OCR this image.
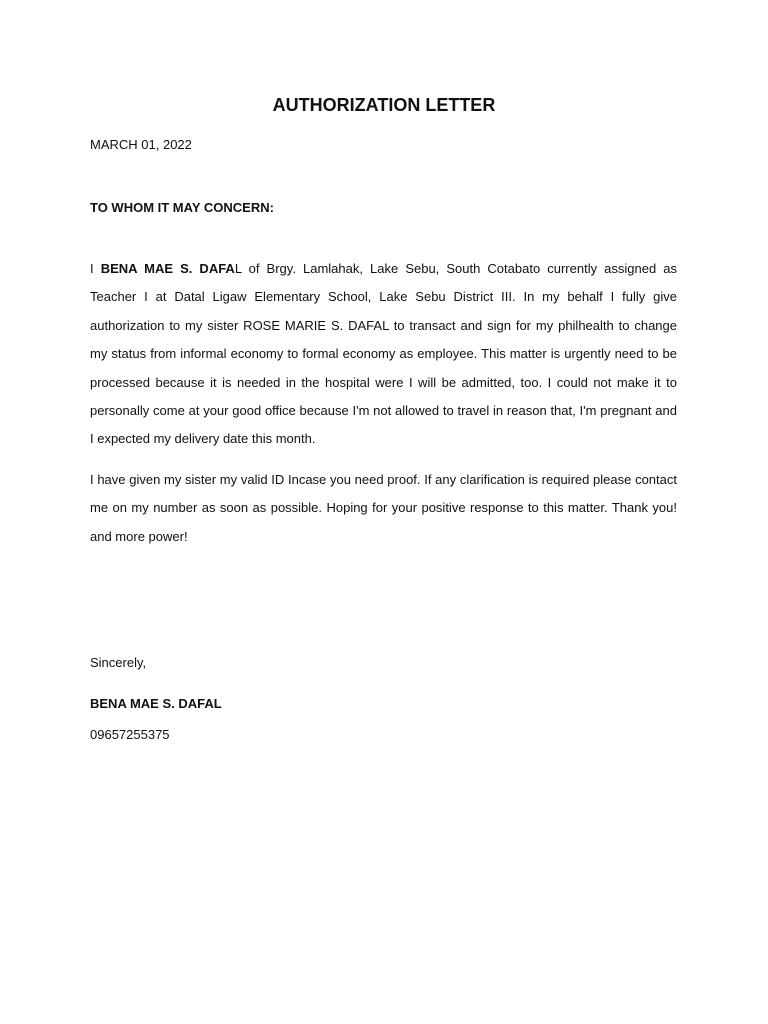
AUTHORIZATION LETTER
MARCH 01, 2022
TO WHOM IT MAY CONCERN:

I BENA MAE S. DAFAL of Brgy. Lamlahak, Lake Sebu, South Cotabato currently assigned as Teacher I at Datal Ligaw Elementary School, Lake Sebu District III. In my behalf I fully give authorization to my sister ROSE MARIE S. DAFAL to transact and sign for my philhealth to change my status from informal economy to formal economy as employee. This matter is urgently need to be processed because it is needed in the hospital were I will be admitted, too. I could not make it to personally come at your good office because I'm not allowed to travel in reason that, I'm pregnant and I expected my delivery date this month.

I have given my sister my valid ID Incase you need proof. If any clarification is required please contact me on my number as soon as possible. Hoping for your positive response to this matter. Thank you! and more power!

Sincerely,
BENA MAE S. DAFAL
09657255375
